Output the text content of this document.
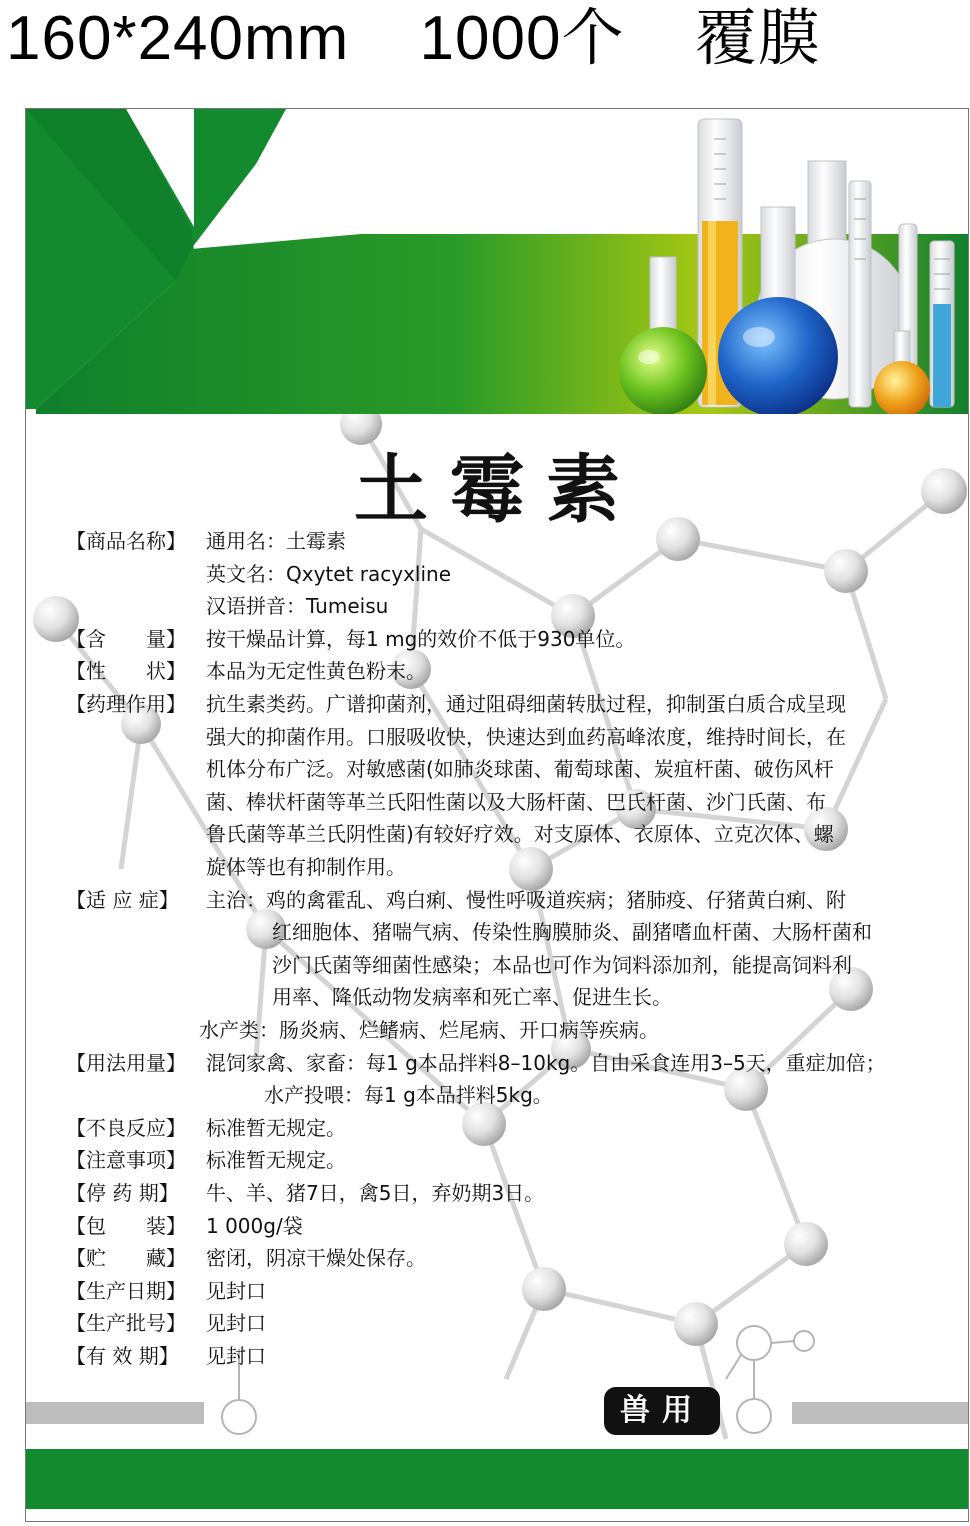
160*240mm 1000个 覆膜
土霉素
【商品名称】	通用名：土霉素
英文名：Qxytet racyxline
汉语拼音：Tumeisu
【含　　量】	按干燥品计算，每1 mg的效价不低于930单位。
【性　　状】	本品为无定性黄色粉末。
【药理作用】	抗生素类药。广谱抑菌剂，通过阻碍细菌转肽过程，抑制蛋白质合成呈现
强大的抑菌作用。口服吸收快，快速达到血药高峰浓度，维持时间长，在
机体分布广泛。对敏感菌(如肺炎球菌、葡萄球菌、炭疽杆菌、破伤风杆
菌、棒状杆菌等革兰氏阳性菌以及大肠杆菌、巴氏杆菌、沙门氏菌、布
鲁氏菌等革兰氏阴性菌)有较好疗效。对支原体、衣原体、立克次体、螺
旋体等也有抑制作用。
【适 应 症】	主治：鸡的禽霍乱、鸡白痢、慢性呼吸道疾病；猪肺疫、仔猪黄白痢、附
红细胞体、猪喘气病、传染性胸膜肺炎、副猪嗜血杆菌、大肠杆菌和
沙门氏菌等细菌性感染；本品也可作为饲料添加剂，能提高饲料利
用率、降低动物发病率和死亡率、促进生长。
水产类：肠炎病、烂鳍病、烂尾病、开口病等疾病。
【用法用量】	混饲家禽、家畜：每1 g本品拌料8–10kg。自由采食连用3–5天，重症加倍；
水产投喂：每1 g本品拌料5kg。
【不良反应】	标准暂无规定。
【注意事项】	标准暂无规定。
【停 药 期】	牛、羊、猪7日，禽5日，弃奶期3日。
【包　　装】	1 000g/袋
【贮　　藏】	密闭，阴凉干燥处保存。
【生产日期】	见封口
【生产批号】	见封口
【有 效 期】	见封口
兽用
